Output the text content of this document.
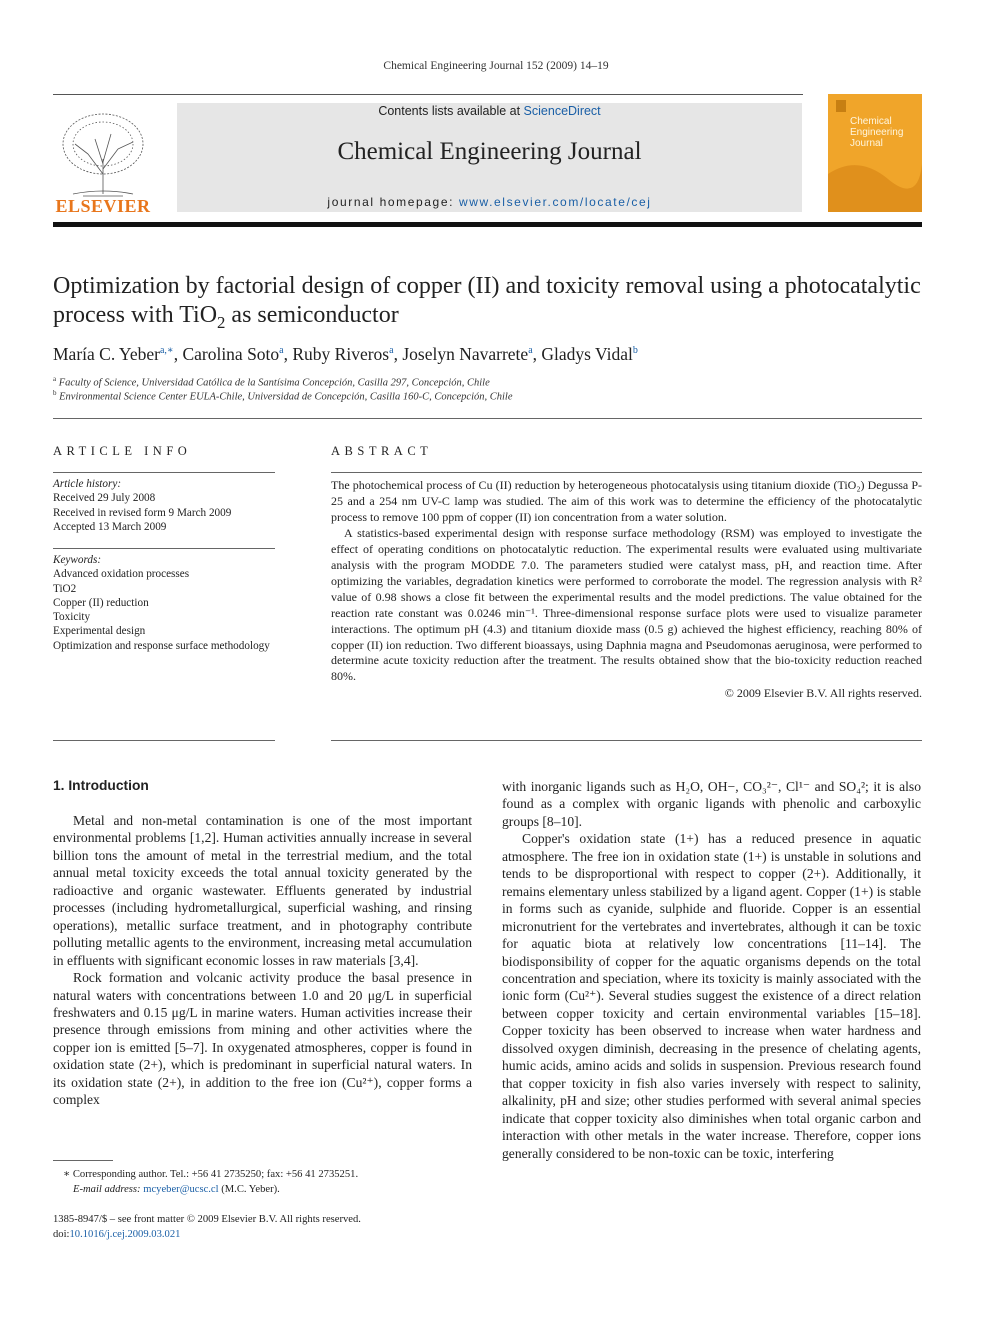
Chemical Engineering Journal 152 (2009) 14–19
ELSEVIER
Contents lists available at ScienceDirect
Chemical Engineering Journal
journal homepage: www.elsevier.com/locate/cej
Chemical Engineering Journal
Optimization by factorial design of copper (II) and toxicity removal using a photocatalytic process with TiO$_2$ as semiconductor
María C. Yeber$^{a,∗}$, Carolina Soto$^a$, Ruby Riveros$^a$, Joselyn Navarrete$^a$, Gladys Vidal$^b$
$^a$ Faculty of Science, Universidad Católica de la Santísima Concepción, Casilla 297, Concepción, Chile
$^b$ Environmental Science Center EULA-Chile, Universidad de Concepción, Casilla 160-C, Concepción, Chile
ARTICLE INFO
Article history:
Received 29 July 2008
Received in revised form 9 March 2009
Accepted 13 March 2009
Keywords:
Advanced oxidation processes
TiO2
Copper (II) reduction
Toxicity
Experimental design
Optimization and response surface methodology
ABSTRACT

The photochemical process of Cu (II) reduction by heterogeneous photocatalysis using titanium dioxide (TiO₂) Degussa P-25 and a 254 nm UV-C lamp was studied. The aim of this work was to determine the efficiency of the photocatalytic process to remove 100 ppm of copper (II) ion concentration from a water solution.

A statistics-based experimental design with response surface methodology (RSM) was employed to investigate the effect of operating conditions on photocatalytic reduction. The experimental results were evaluated using multivariate analysis with the program MODDE 7.0. The parameters studied were catalyst mass, pH, and reaction time. After optimizing the variables, degradation kinetics were performed to corroborate the model. The regression analysis with R² value of 0.98 shows a close fit between the experimental results and the model predictions. The value obtained for the reaction rate constant was 0.0246 min⁻¹. Three-dimensional response surface plots were used to visualize parameter interactions. The optimum pH (4.3) and titanium dioxide mass (0.5 g) achieved the highest efficiency, reaching 80% of copper (II) ion reduction. Two different bioassays, using Daphnia magna and Pseudomonas aeruginosa, were performed to determine acute toxicity reduction after the treatment. The results obtained show that the bio-toxicity reduction reached 80%.

© 2009 Elsevier B.V. All rights reserved.
1. Introduction

Metal and non-metal contamination is one of the most important environmental problems [1,2]. Human activities annually increase in several billion tons the amount of metal in the terrestrial medium, and the total annual metal toxicity exceeds the total annual toxicity generated by the radioactive and organic wastewater. Effluents generated by industrial processes (including hydrometallurgical, superficial washing, and rinsing operations), metallic surface treatment, and in photography contribute polluting metallic agents to the environment, increasing metal accumulation in effluents with significant economic losses in raw materials [3,4].

Rock formation and volcanic activity produce the basal presence in natural waters with concentrations between 1.0 and 20 μg/L in superficial freshwaters and 0.15 μg/L in marine waters. Human activities increase their presence through emissions from mining and other activities where the copper ion is emitted [5–7]. In oxygenated atmospheres, copper is found in oxidation state (2+), which is predominant in superficial natural waters. In its oxidation state (2+), in addition to the free ion (Cu²⁺), copper forms a complex

with inorganic ligands such as H₂O, OH−, CO₃²⁻, Cl¹⁻ and SO₄²; it is also found as a complex with organic ligands with phenolic and carboxylic groups [8–10].

Copper's oxidation state (1+) has a reduced presence in aquatic atmosphere. The free ion in oxidation state (1+) is unstable in solutions and tends to be disproportional with respect to copper (2+). Additionally, it remains elementary unless stabilized by a ligand agent. Copper (1+) is stable in forms such as cyanide, sulphide and fluoride. Copper is an essential micronutrient for the vertebrates and invertebrates, although it can be toxic for aquatic biota at relatively low concentrations [11–14]. The biodisponsibility of copper for the aquatic organisms depends on the total concentration and speciation, where its toxicity is mainly associated with the ionic form (Cu²⁺). Several studies suggest the existence of a direct relation between copper toxicity and certain environmental variables [15–18]. Copper toxicity has been observed to increase when water hardness and dissolved oxygen diminish, decreasing in the presence of chelating agents, humic acids, amino acids and solids in suspension. Previous research found that copper toxicity in fish also varies inversely with respect to salinity, alkalinity, pH and size; other studies performed with several animal species indicate that copper toxicity also diminishes when total organic carbon and interaction with other metals in the water increase. Therefore, copper ions generally considered to be non-toxic can be toxic, interfering

∗ Corresponding author. Tel.: +56 41 2735250; fax: +56 41 2735251.
E-mail address: mcyeber@ucsc.cl (M.C. Yeber).
1385-8947/$ – see front matter © 2009 Elsevier B.V. All rights reserved.
doi:10.1016/j.cej.2009.03.021
